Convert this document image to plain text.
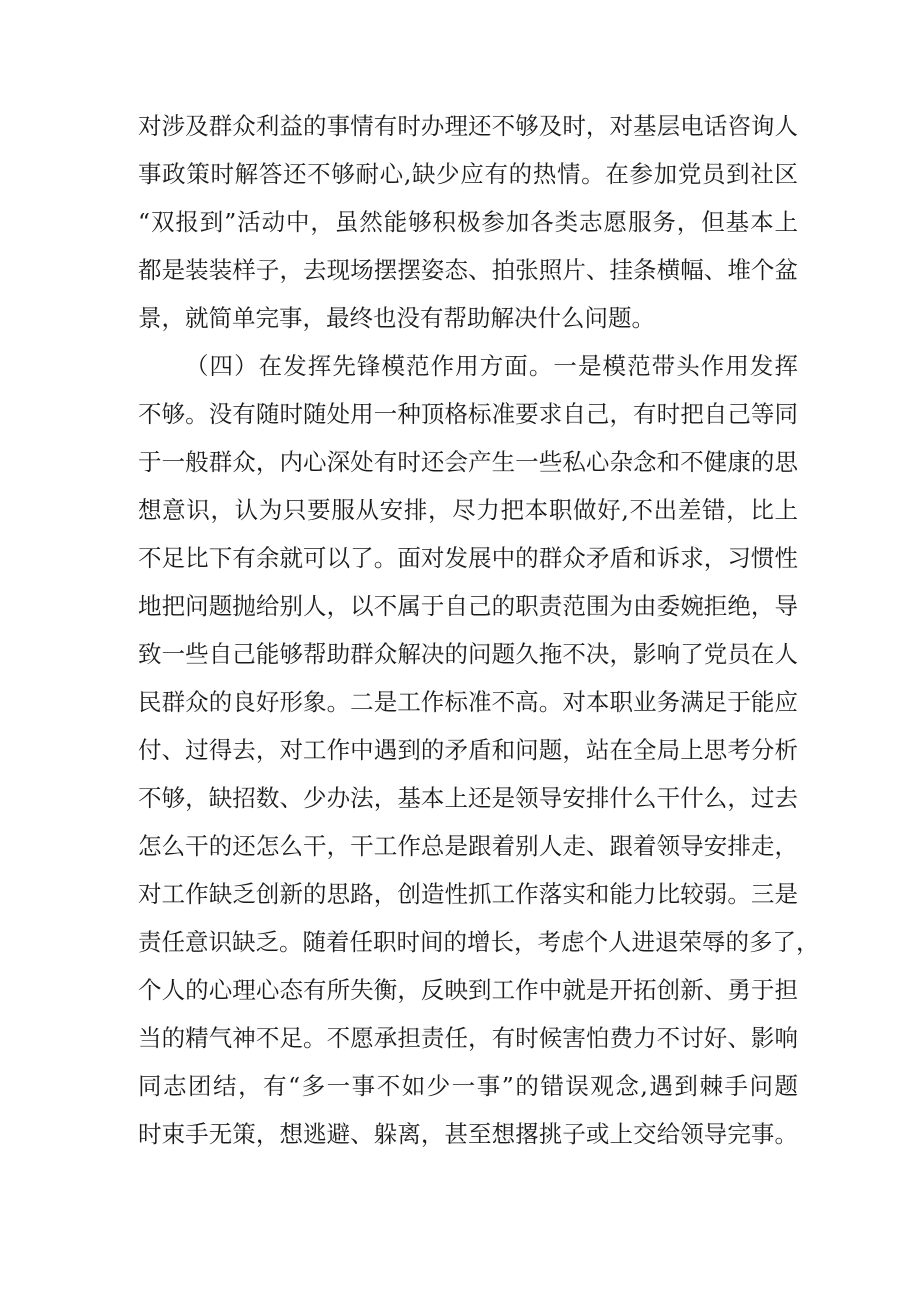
对涉及群众利益的事情有时办理还不够及时，对基层电话咨询人
事政策时解答还不够耐心,缺少应有的热情。在参加党员到社区
“双报到”活动中，虽然能够积极参加各类志愿服务，但基本上
都是装装样子，去现场摆摆姿态、拍张照片、挂条横幅、堆个盆
景，就简单完事，最终也没有帮助解决什么问题。
（四）在发挥先锋模范作用方面。一是模范带头作用发挥
不够。没有随时随处用一种顶格标准要求自己，有时把自己等同
于一般群众，内心深处有时还会产生一些私心杂念和不健康的思
想意识，认为只要服从安排，尽力把本职做好,不出差错，比上
不足比下有余就可以了。面对发展中的群众矛盾和诉求，习惯性
地把问题抛给别人，以不属于自己的职责范围为由委婉拒绝，导
致一些自己能够帮助群众解决的问题久拖不决，影响了党员在人
民群众的良好形象。二是工作标准不高。对本职业务满足于能应
付、过得去，对工作中遇到的矛盾和问题，站在全局上思考分析
不够，缺招数、少办法，基本上还是领导安排什么干什么，过去
怎么干的还怎么干，干工作总是跟着别人走、跟着领导安排走，
对工作缺乏创新的思路，创造性抓工作落实和能力比较弱。三是
责任意识缺乏。随着任职时间的增长，考虑个人进退荣辱的多了，
个人的心理心态有所失衡，反映到工作中就是开拓创新、勇于担
当的精气神不足。不愿承担责任，有时候害怕费力不讨好、影响
同志团结，有“多一事不如少一事”的错误观念,遇到棘手问题
时束手无策，想逃避、躲离，甚至想撂挑子或上交给领导完事。
